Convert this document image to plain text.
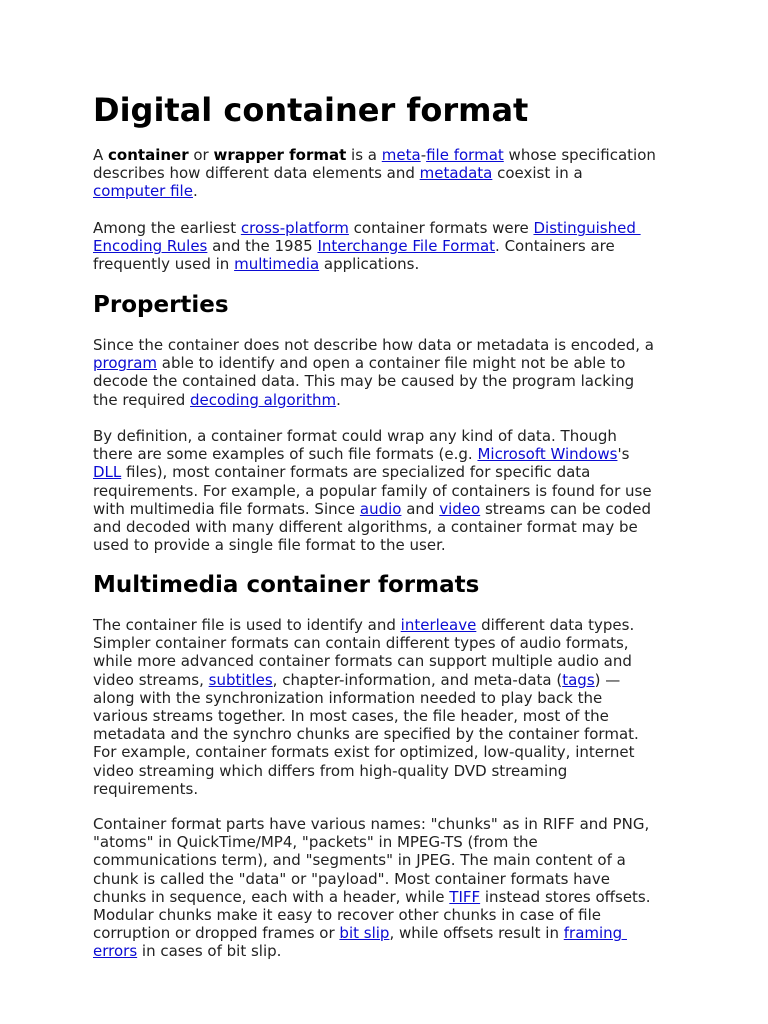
Digital container format
A container or wrapper format is a meta-file format whose specification
describes how different data elements and metadata coexist in a
computer file.
Among the earliest cross-platform container formats were Distinguished
Encoding Rules and the 1985 Interchange File Format. Containers are
frequently used in multimedia applications.
Properties
Since the container does not describe how data or metadata is encoded, a
program able to identify and open a container file might not be able to
decode the contained data. This may be caused by the program lacking
the required decoding algorithm.
By definition, a container format could wrap any kind of data. Though
there are some examples of such file formats (e.g. Microsoft Windows's
DLL files), most container formats are specialized for specific data
requirements. For example, a popular family of containers is found for use
with multimedia file formats. Since audio and video streams can be coded
and decoded with many different algorithms, a container format may be
used to provide a single file format to the user.
Multimedia container formats
The container file is used to identify and interleave different data types.
Simpler container formats can contain different types of audio formats,
while more advanced container formats can support multiple audio and
video streams, subtitles, chapter-information, and meta-data (tags) —
along with the synchronization information needed to play back the
various streams together. In most cases, the file header, most of the
metadata and the synchro chunks are specified by the container format.
For example, container formats exist for optimized, low-quality, internet
video streaming which differs from high-quality DVD streaming
requirements.
Container format parts have various names: "chunks" as in RIFF and PNG,
"atoms" in QuickTime/MP4, "packets" in MPEG-TS (from the
communications term), and "segments" in JPEG. The main content of a
chunk is called the "data" or "payload". Most container formats have
chunks in sequence, each with a header, while TIFF instead stores offsets.
Modular chunks make it easy to recover other chunks in case of file
corruption or dropped frames or bit slip, while offsets result in framing
errors in cases of bit slip.
